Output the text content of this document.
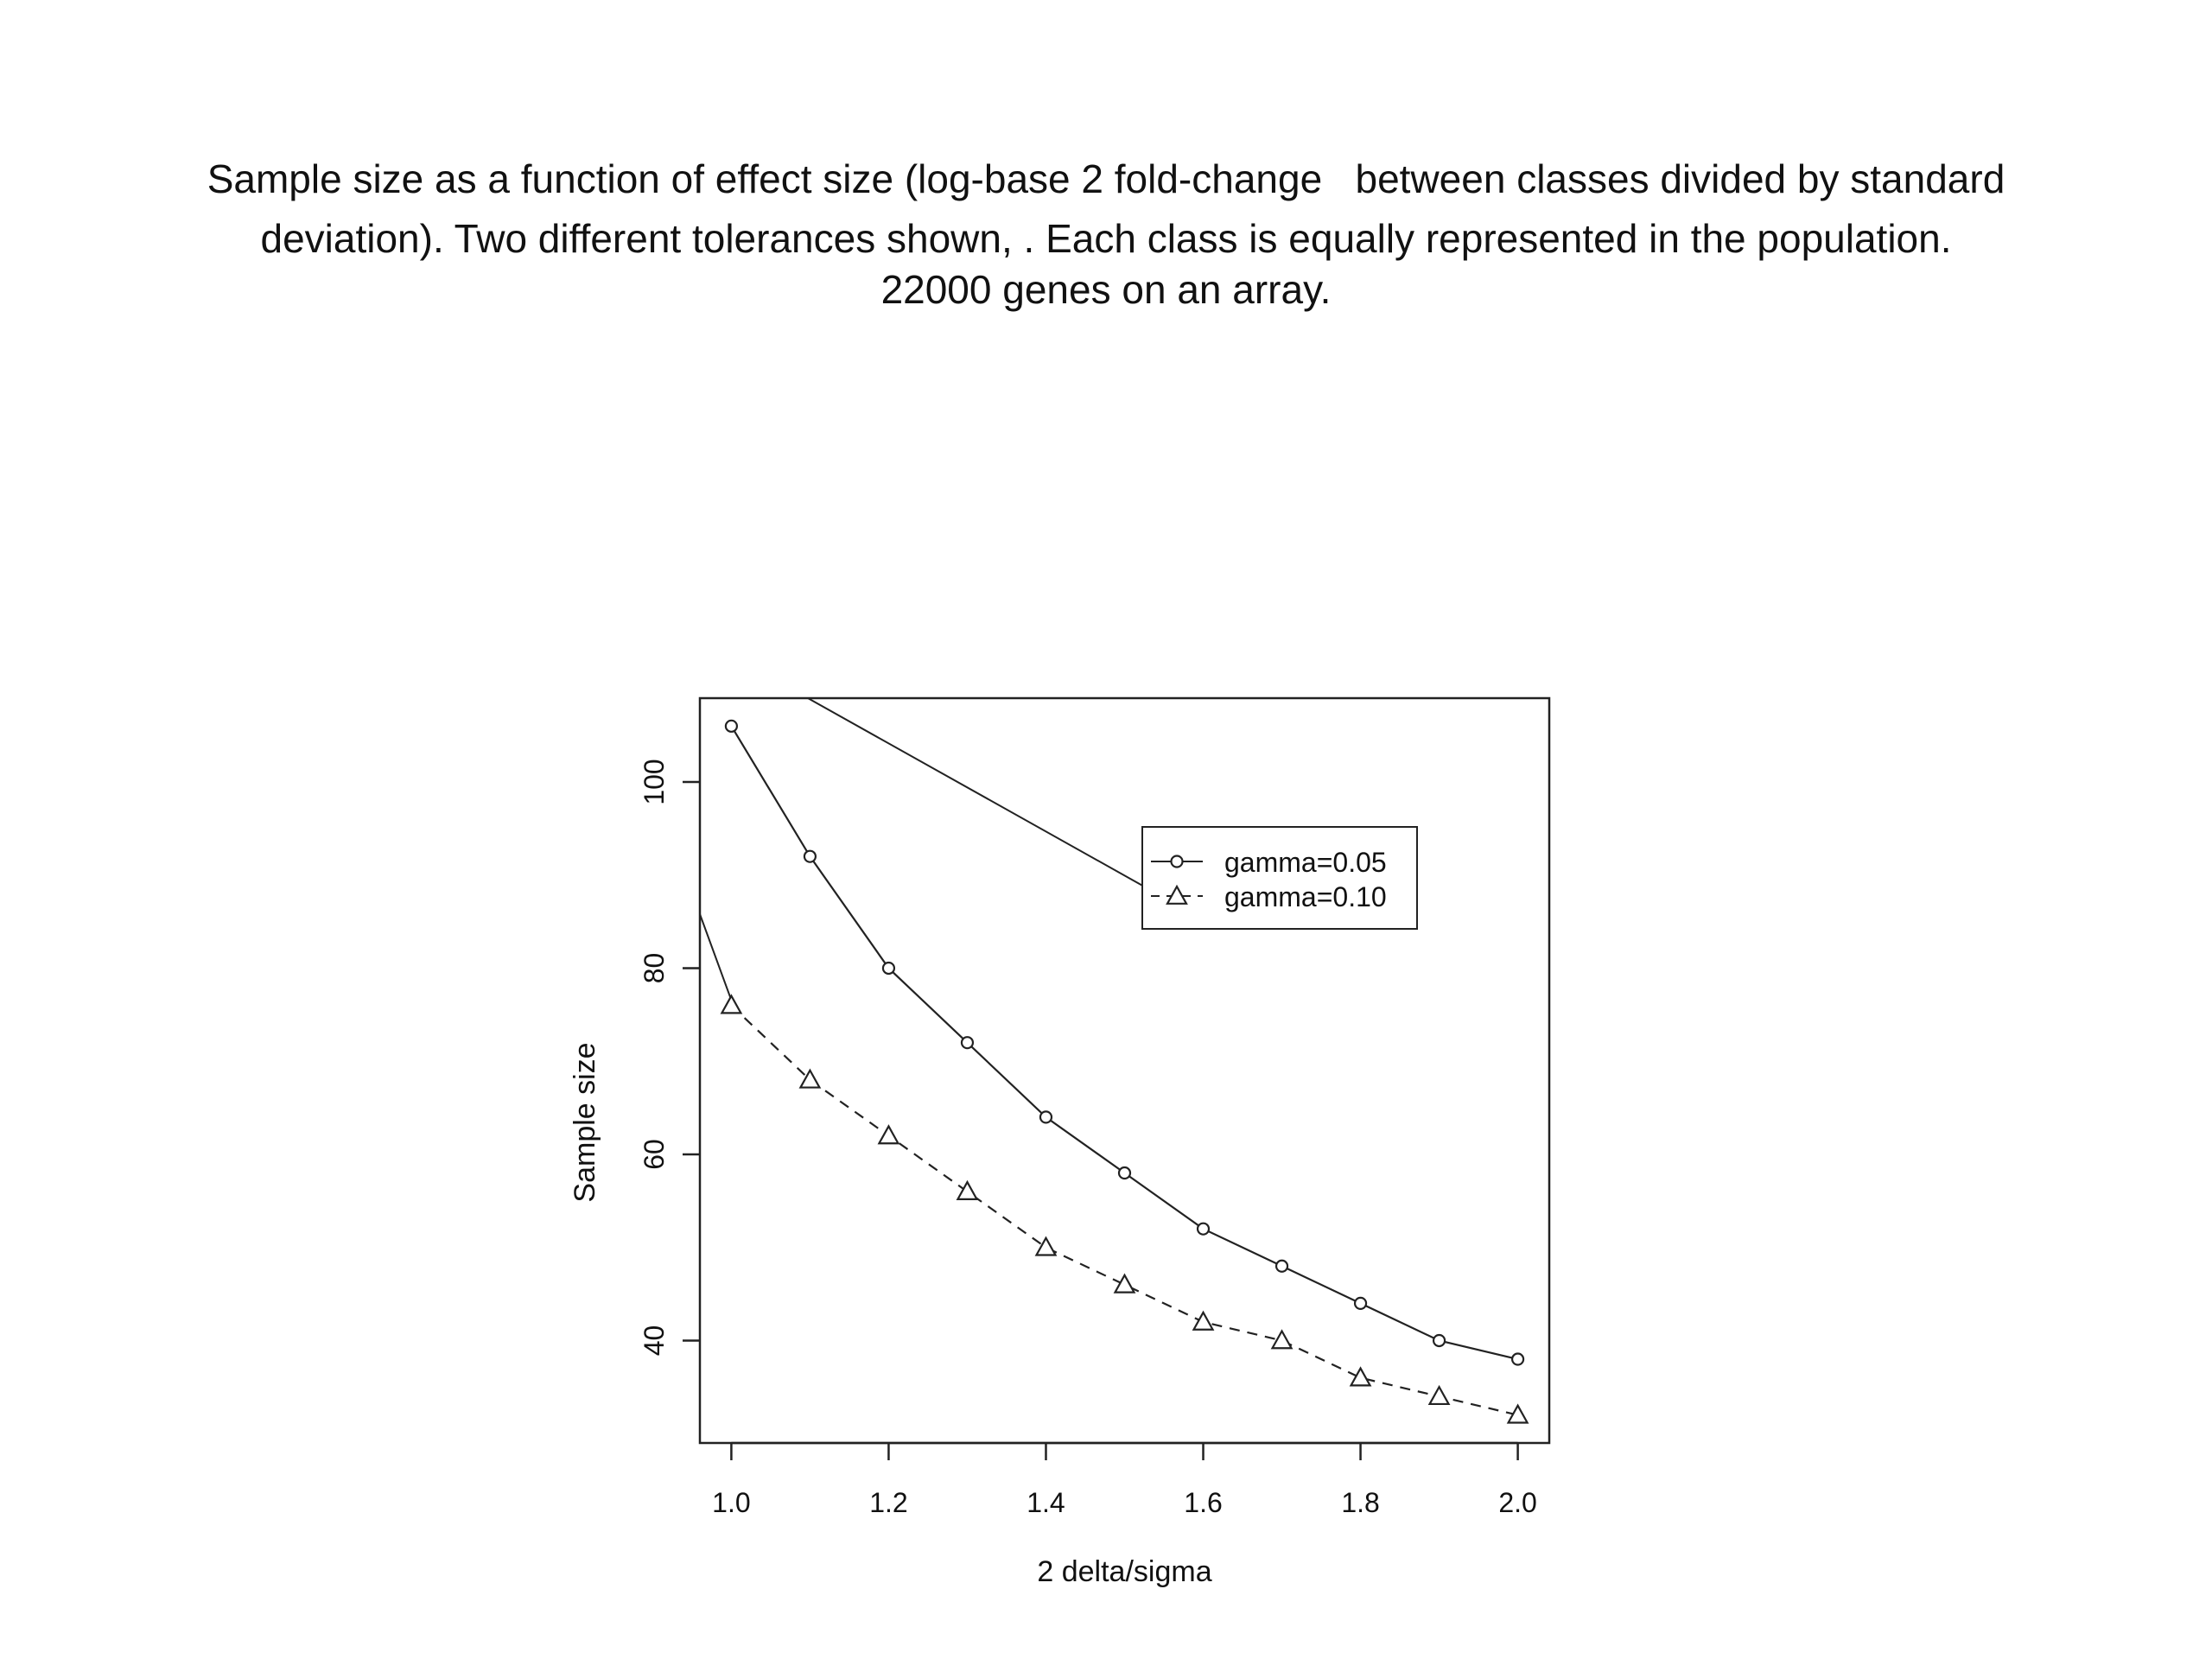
Sample size as a function of effect size (log-base 2 fold-change   between classes divided by standard
deviation). Two different tolerances shown, . Each class is equally represented in the population.
22000 genes on an array.
1.0	1.2	1.4	1.6	1.8	2.0
40
60
80
100
2 delta/sigma
Sample size
gamma=0.05
gamma=0.10
